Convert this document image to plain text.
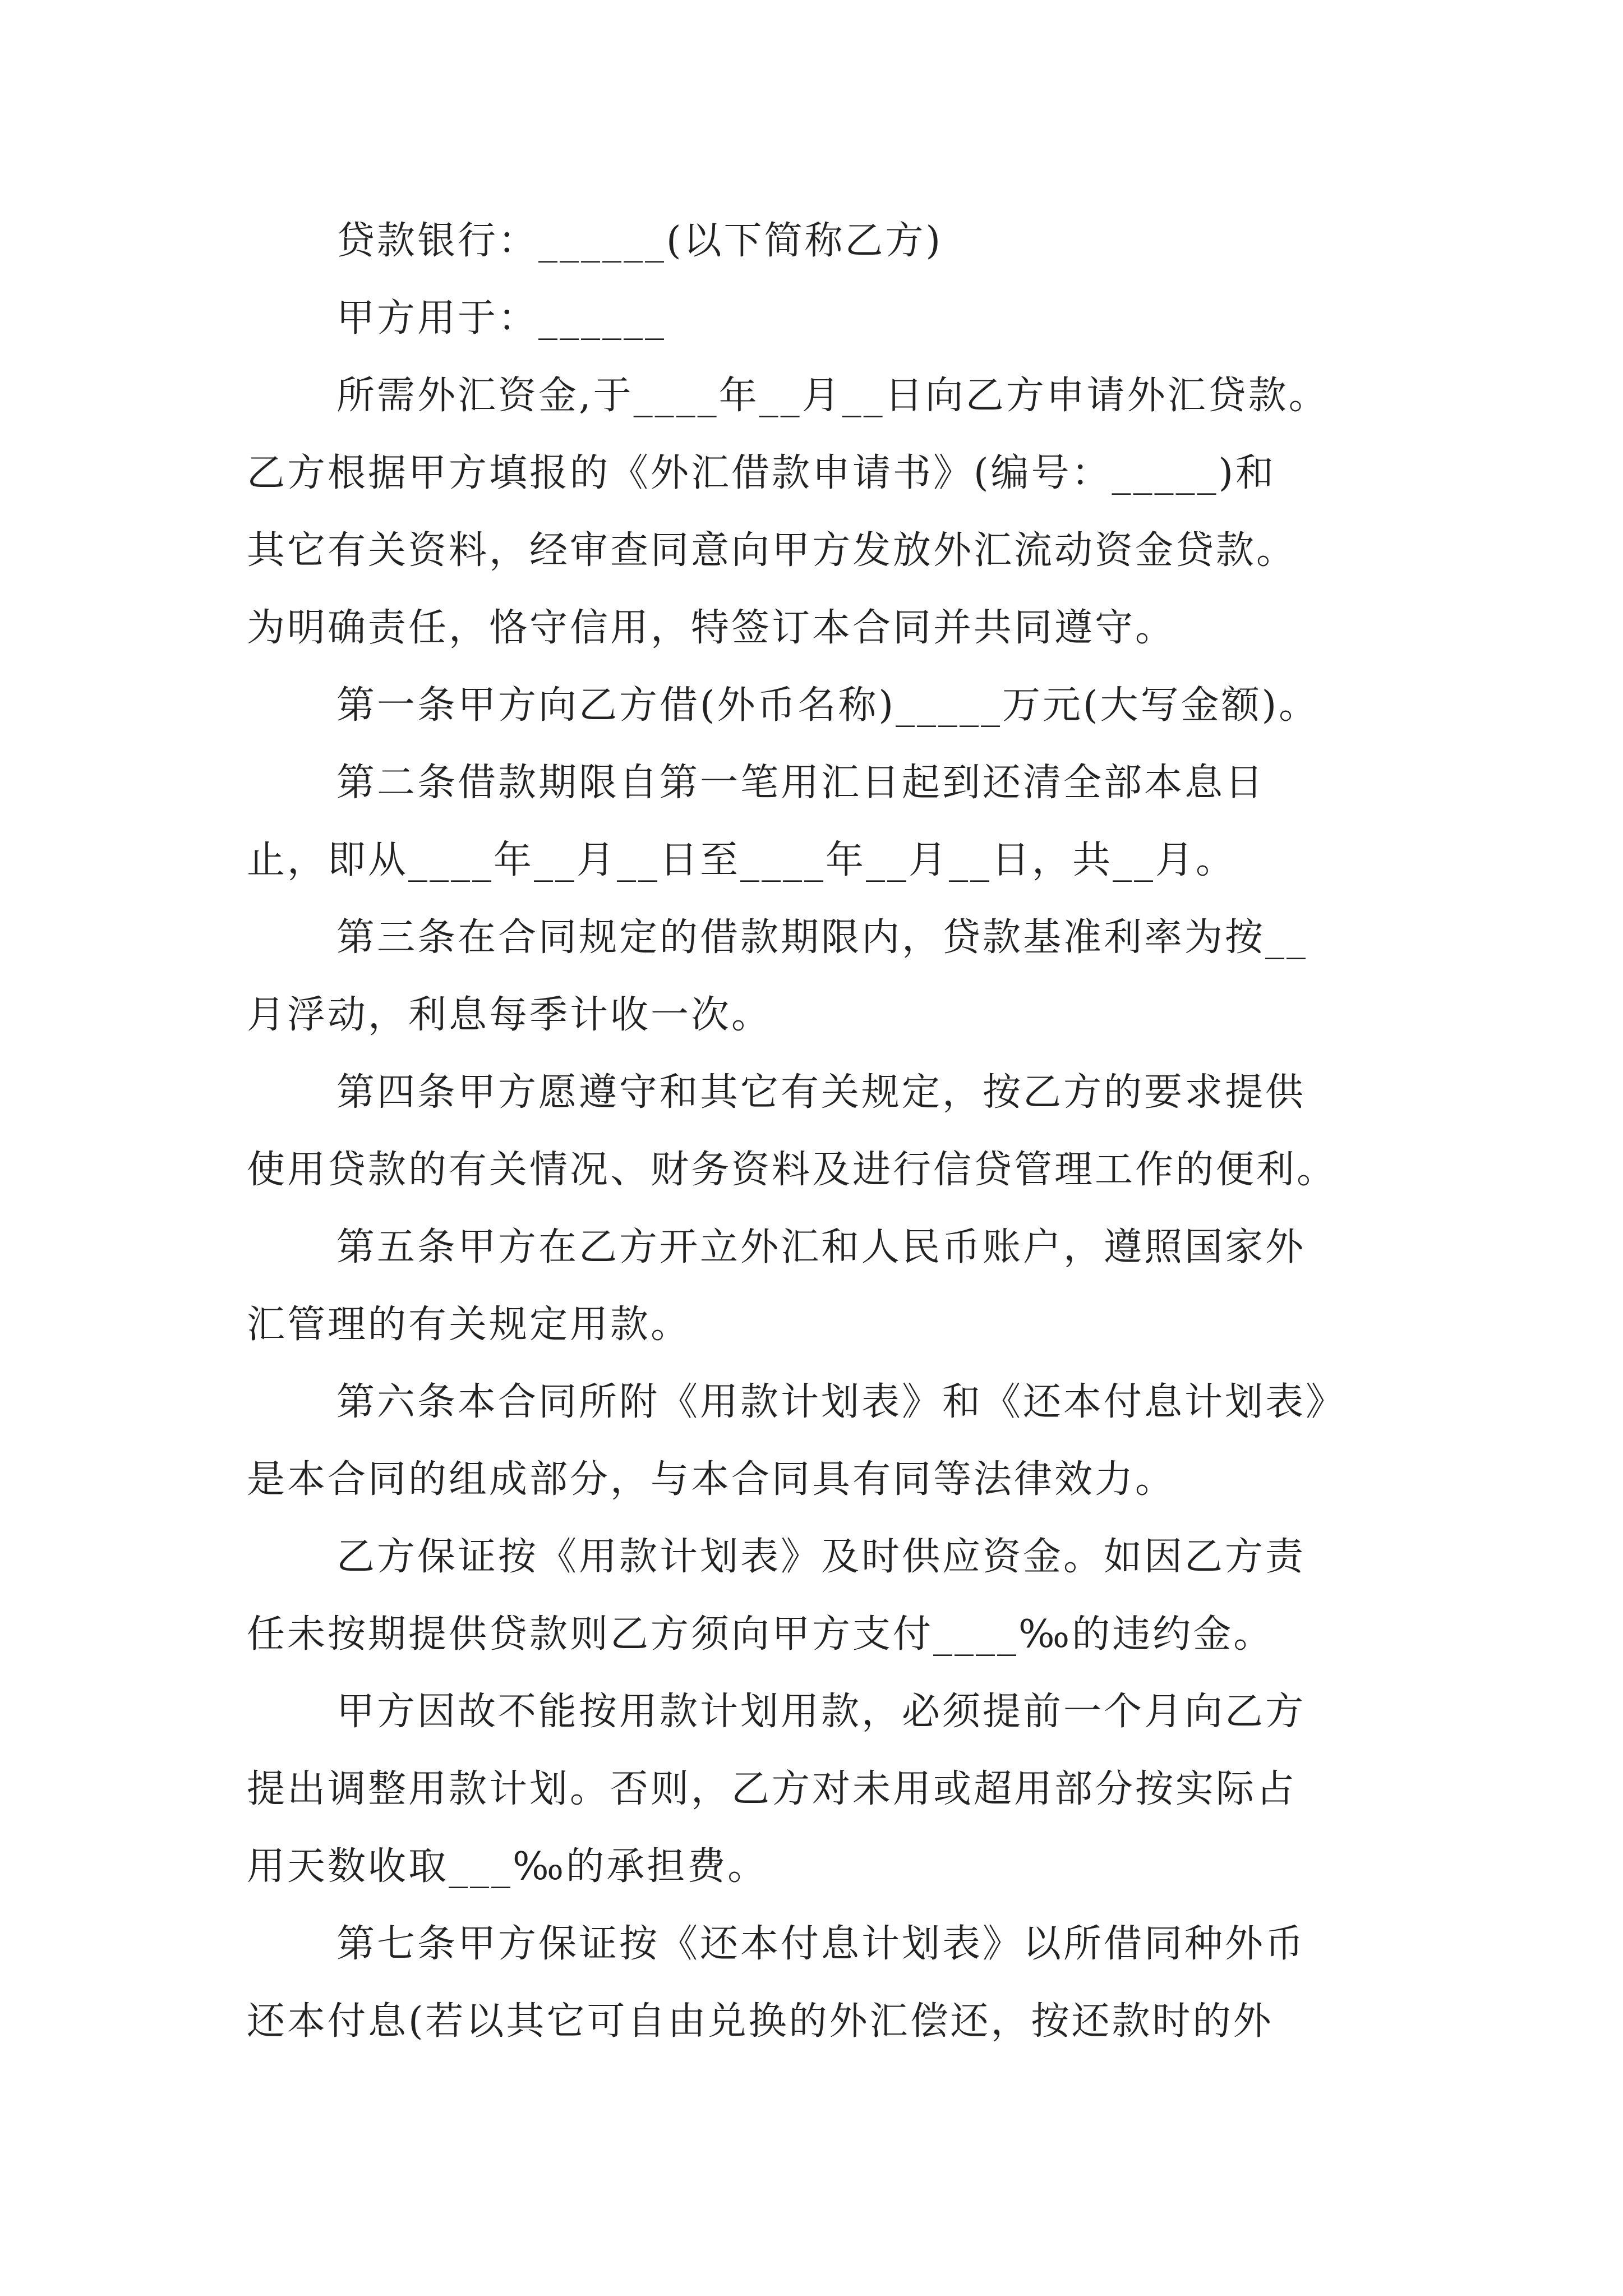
贷款银行：______(以下简称乙方)
甲方用于：______
所需外汇资金,于____年__月__日向乙方申请外汇贷款。
乙方根据甲方填报的《外汇借款申请书》(编号：_____)和
其它有关资料，经审查同意向甲方发放外汇流动资金贷款。
为明确责任，恪守信用，特签订本合同并共同遵守。
第一条甲方向乙方借(外币名称)_____万元(大写金额)。
第二条借款期限自第一笔用汇日起到还清全部本息日
止，即从____年__月__日至____年__月__日，共__月。
第三条在合同规定的借款期限内，贷款基准利率为按__
月浮动，利息每季计收一次。
第四条甲方愿遵守和其它有关规定，按乙方的要求提供
使用贷款的有关情况、财务资料及进行信贷管理工作的便利。
第五条甲方在乙方开立外汇和人民币账户，遵照国家外
汇管理的有关规定用款。
第六条本合同所附《用款计划表》和《还本付息计划表》
是本合同的组成部分，与本合同具有同等法律效力。
乙方保证按《用款计划表》及时供应资金。如因乙方责
任未按期提供贷款则乙方须向甲方支付____‰的违约金。
甲方因故不能按用款计划用款，必须提前一个月向乙方
提出调整用款计划。否则，乙方对未用或超用部分按实际占
用天数收取___‰的承担费。
第七条甲方保证按《还本付息计划表》以所借同种外币
还本付息(若以其它可自由兑换的外汇偿还，按还款时的外
